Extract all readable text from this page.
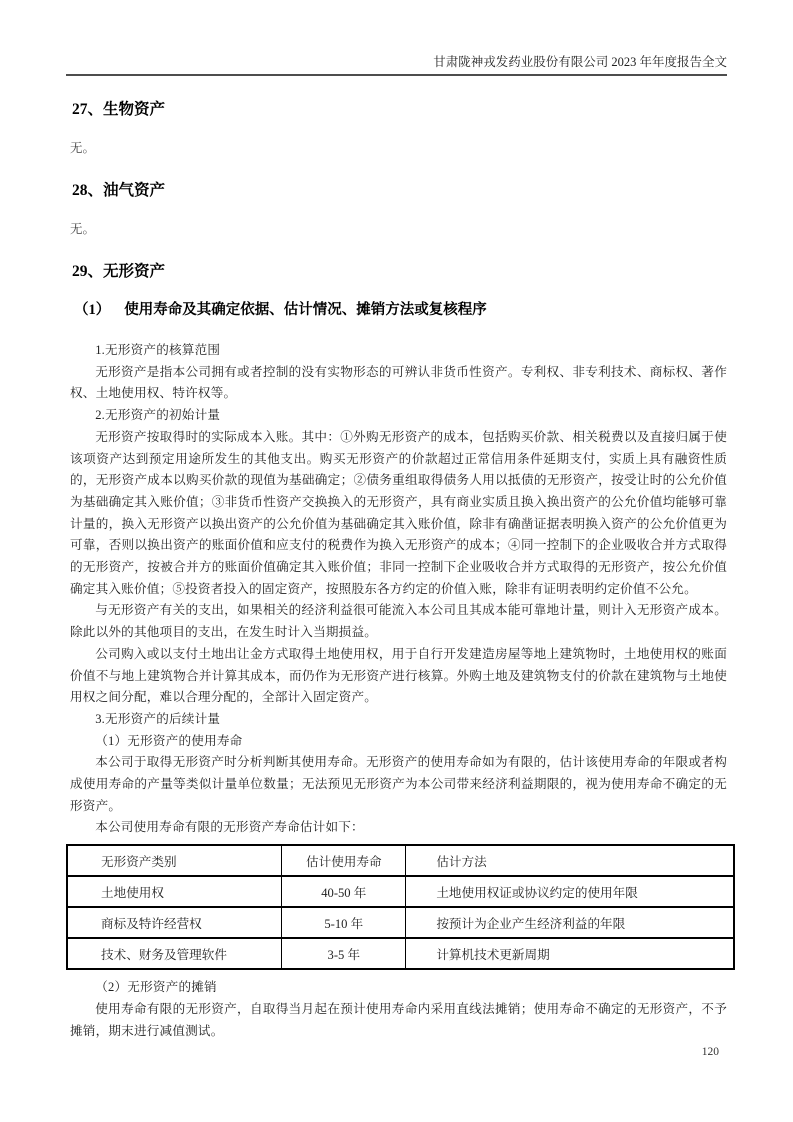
甘肃陇神戎发药业股份有限公司 2023 年年度报告全文
27、生物资产
无。
28、油气资产
无。
29、无形资产
（1） 使用寿命及其确定依据、估计情况、摊销方法或复核程序

1.无形资产的核算范围

无形资产是指本公司拥有或者控制的没有实物形态的可辨认非货币性资产。专利权、非专利技术、商标权、著作权、土地使用权、特许权等。

2.无形资产的初始计量

无形资产按取得时的实际成本入账。其中：①外购无形资产的成本，包括购买价款、相关税费以及直接归属于使该项资产达到预定用途所发生的其他支出。购买无形资产的价款超过正常信用条件延期支付，实质上具有融资性质的，无形资产成本以购买价款的现值为基础确定；②债务重组取得债务人用以抵债的无形资产，按受让时的公允价值为基础确定其入账价值；③非货币性资产交换换入的无形资产，具有商业实质且换入换出资产的公允价值均能够可靠计量的，换入无形资产以换出资产的公允价值为基础确定其入账价值，除非有确凿证据表明换入资产的公允价值更为可靠，否则以换出资产的账面价值和应支付的税费作为换入无形资产的成本；④同一控制下的企业吸收合并方式取得的无形资产，按被合并方的账面价值确定其入账价值；非同一控制下企业吸收合并方式取得的无形资产，按公允价值确定其入账价值；⑤投资者投入的固定资产，按照股东各方约定的价值入账，除非有证明表明约定价值不公允。

与无形资产有关的支出，如果相关的经济利益很可能流入本公司且其成本能可靠地计量，则计入无形资产成本。除此以外的其他项目的支出，在发生时计入当期损益。

公司购入或以支付土地出让金方式取得土地使用权，用于自行开发建造房屋等地上建筑物时，土地使用权的账面价值不与地上建筑物合并计算其成本，而仍作为无形资产进行核算。外购土地及建筑物支付的价款在建筑物与土地使用权之间分配，难以合理分配的，全部计入固定资产。

3.无形资产的后续计量

（1）无形资产的使用寿命

本公司于取得无形资产时分析判断其使用寿命。无形资产的使用寿命如为有限的，估计该使用寿命的年限或者构成使用寿命的产量等类似计量单位数量；无法预见无形资产为本公司带来经济利益期限的，视为使用寿命不确定的无形资产。

本公司使用寿命有限的无形资产寿命估计如下：

无形资产类别	估计使用寿命	估计方法
土地使用权	40-50 年	土地使用权证或协议约定的使用年限
商标及特许经营权	5-10 年	按预计为企业产生经济利益的年限
技术、财务及管理软件	3-5 年	计算机技术更新周期

（2）无形资产的摊销

使用寿命有限的无形资产，自取得当月起在预计使用寿命内采用直线法摊销；使用寿命不确定的无形资产，不予摊销，期末进行减值测试。

120
